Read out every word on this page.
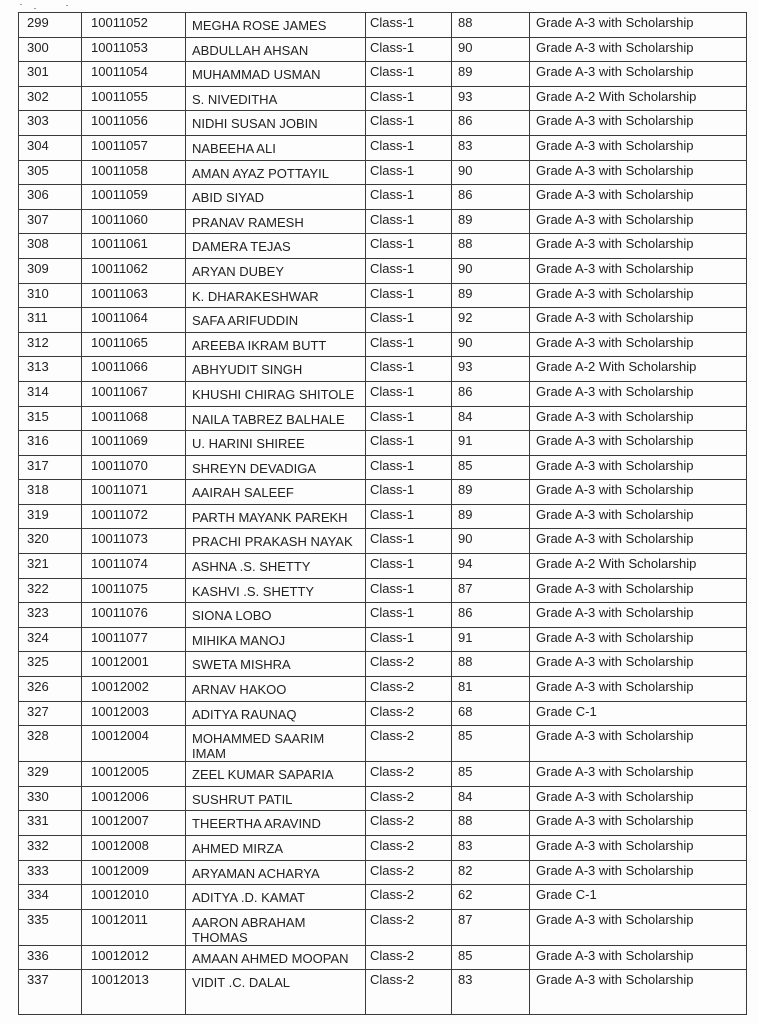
299	10011052	MEGHA ROSE JAMES	Class-1	88	Grade A-3 with Scholarship
300	10011053	ABDULLAH AHSAN	Class-1	90	Grade A-3 with Scholarship
301	10011054	MUHAMMAD USMAN	Class-1	89	Grade A-3 with Scholarship
302	10011055	S. NIVEDITHA	Class-1	93	Grade A-2 With Scholarship
303	10011056	NIDHI SUSAN JOBIN	Class-1	86	Grade A-3 with Scholarship
304	10011057	NABEEHA ALI	Class-1	83	Grade A-3 with Scholarship
305	10011058	AMAN AYAZ POTTAYIL	Class-1	90	Grade A-3 with Scholarship
306	10011059	ABID SIYAD	Class-1	86	Grade A-3 with Scholarship
307	10011060	PRANAV RAMESH	Class-1	89	Grade A-3 with Scholarship
308	10011061	DAMERA TEJAS	Class-1	88	Grade A-3 with Scholarship
309	10011062	ARYAN DUBEY	Class-1	90	Grade A-3 with Scholarship
310	10011063	K. DHARAKESHWAR	Class-1	89	Grade A-3 with Scholarship
311	10011064	SAFA ARIFUDDIN	Class-1	92	Grade A-3 with Scholarship
312	10011065	AREEBA IKRAM BUTT	Class-1	90	Grade A-3 with Scholarship
313	10011066	ABHYUDIT SINGH	Class-1	93	Grade A-2 With Scholarship
314	10011067	KHUSHI CHIRAG SHITOLE	Class-1	86	Grade A-3 with Scholarship
315	10011068	NAILA TABREZ BALHALE	Class-1	84	Grade A-3 with Scholarship
316	10011069	U. HARINI SHIREE	Class-1	91	Grade A-3 with Scholarship
317	10011070	SHREYN DEVADIGA	Class-1	85	Grade A-3 with Scholarship
318	10011071	AAIRAH SALEEF	Class-1	89	Grade A-3 with Scholarship
319	10011072	PARTH MAYANK PAREKH	Class-1	89	Grade A-3 with Scholarship
320	10011073	PRACHI PRAKASH NAYAK	Class-1	90	Grade A-3 with Scholarship
321	10011074	ASHNA .S. SHETTY	Class-1	94	Grade A-2 With Scholarship
322	10011075	KASHVI .S. SHETTY	Class-1	87	Grade A-3 with Scholarship
323	10011076	SIONA LOBO	Class-1	86	Grade A-3 with Scholarship
324	10011077	MIHIKA MANOJ	Class-1	91	Grade A-3 with Scholarship
325	10012001	SWETA MISHRA	Class-2	88	Grade A-3 with Scholarship
326	10012002	ARNAV HAKOO	Class-2	81	Grade A-3 with Scholarship
327	10012003	ADITYA RAUNAQ	Class-2	68	Grade C-1
328	10012004	MOHAMMED SAARIM IMAM	Class-2	85	Grade A-3 with Scholarship
329	10012005	ZEEL KUMAR SAPARIA	Class-2	85	Grade A-3 with Scholarship
330	10012006	SUSHRUT PATIL	Class-2	84	Grade A-3 with Scholarship
331	10012007	THEERTHA ARAVIND	Class-2	88	Grade A-3 with Scholarship
332	10012008	AHMED MIRZA	Class-2	83	Grade A-3 with Scholarship
333	10012009	ARYAMAN ACHARYA	Class-2	82	Grade A-3 with Scholarship
334	10012010	ADITYA .D. KAMAT	Class-2	62	Grade C-1
335	10012011	AARON ABRAHAM THOMAS	Class-2	87	Grade A-3 with Scholarship
336	10012012	AMAAN AHMED MOOPAN	Class-2	85	Grade A-3 with Scholarship
337	10012013	VIDIT .C. DALAL	Class-2	83	Grade A-3 with Scholarship
